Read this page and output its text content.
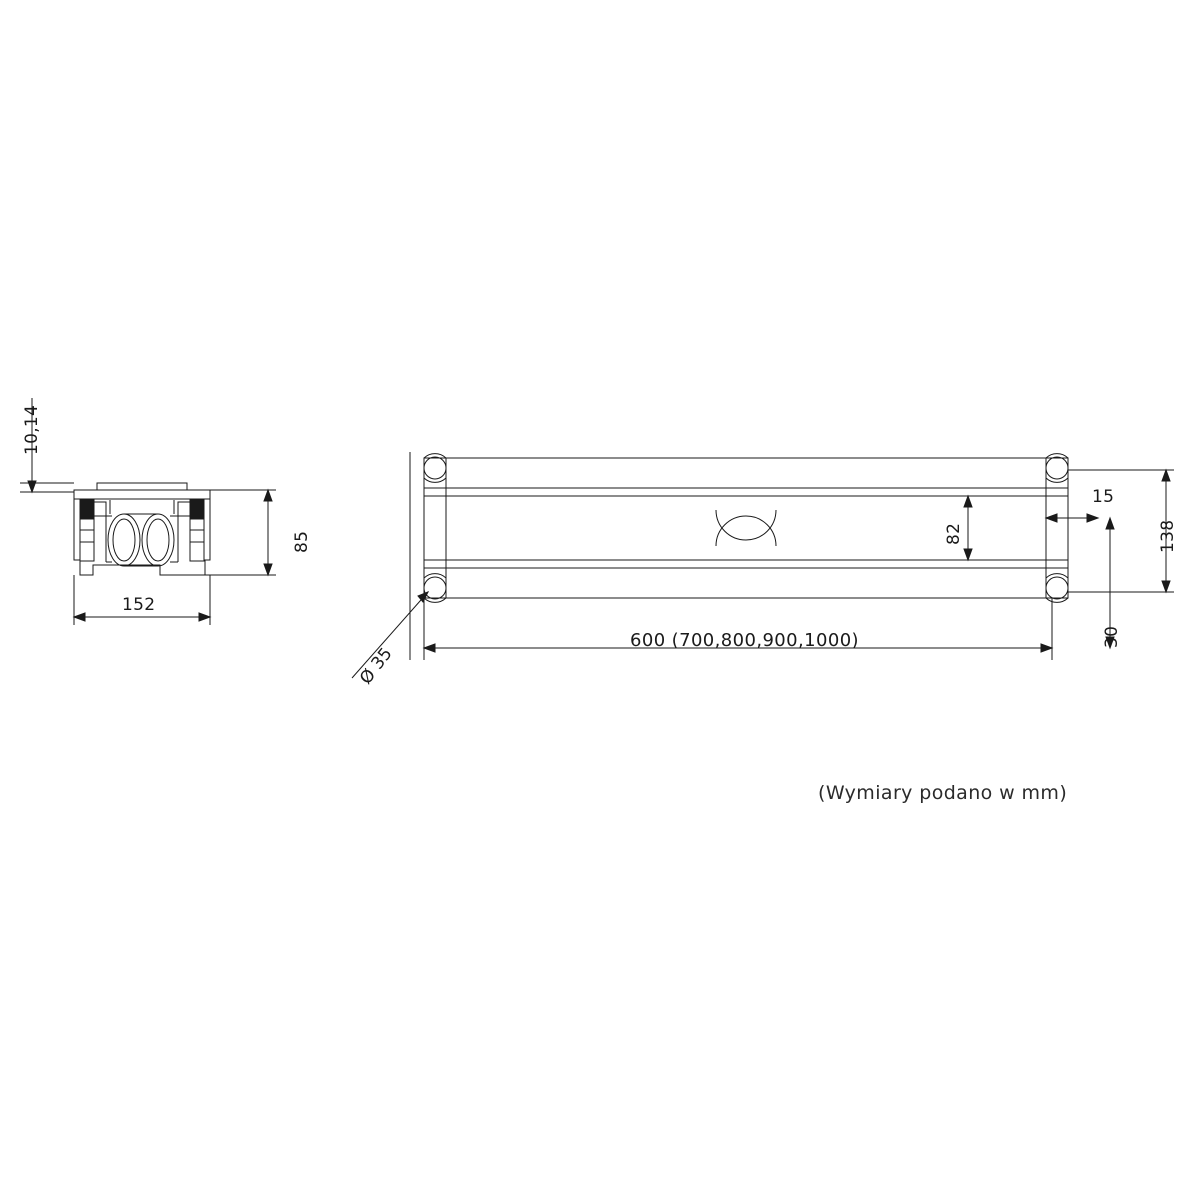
10,14
85
152
82
15
138
30
600 (700,800,900,1000)
Ø 35
(Wymiary podano w mm)
